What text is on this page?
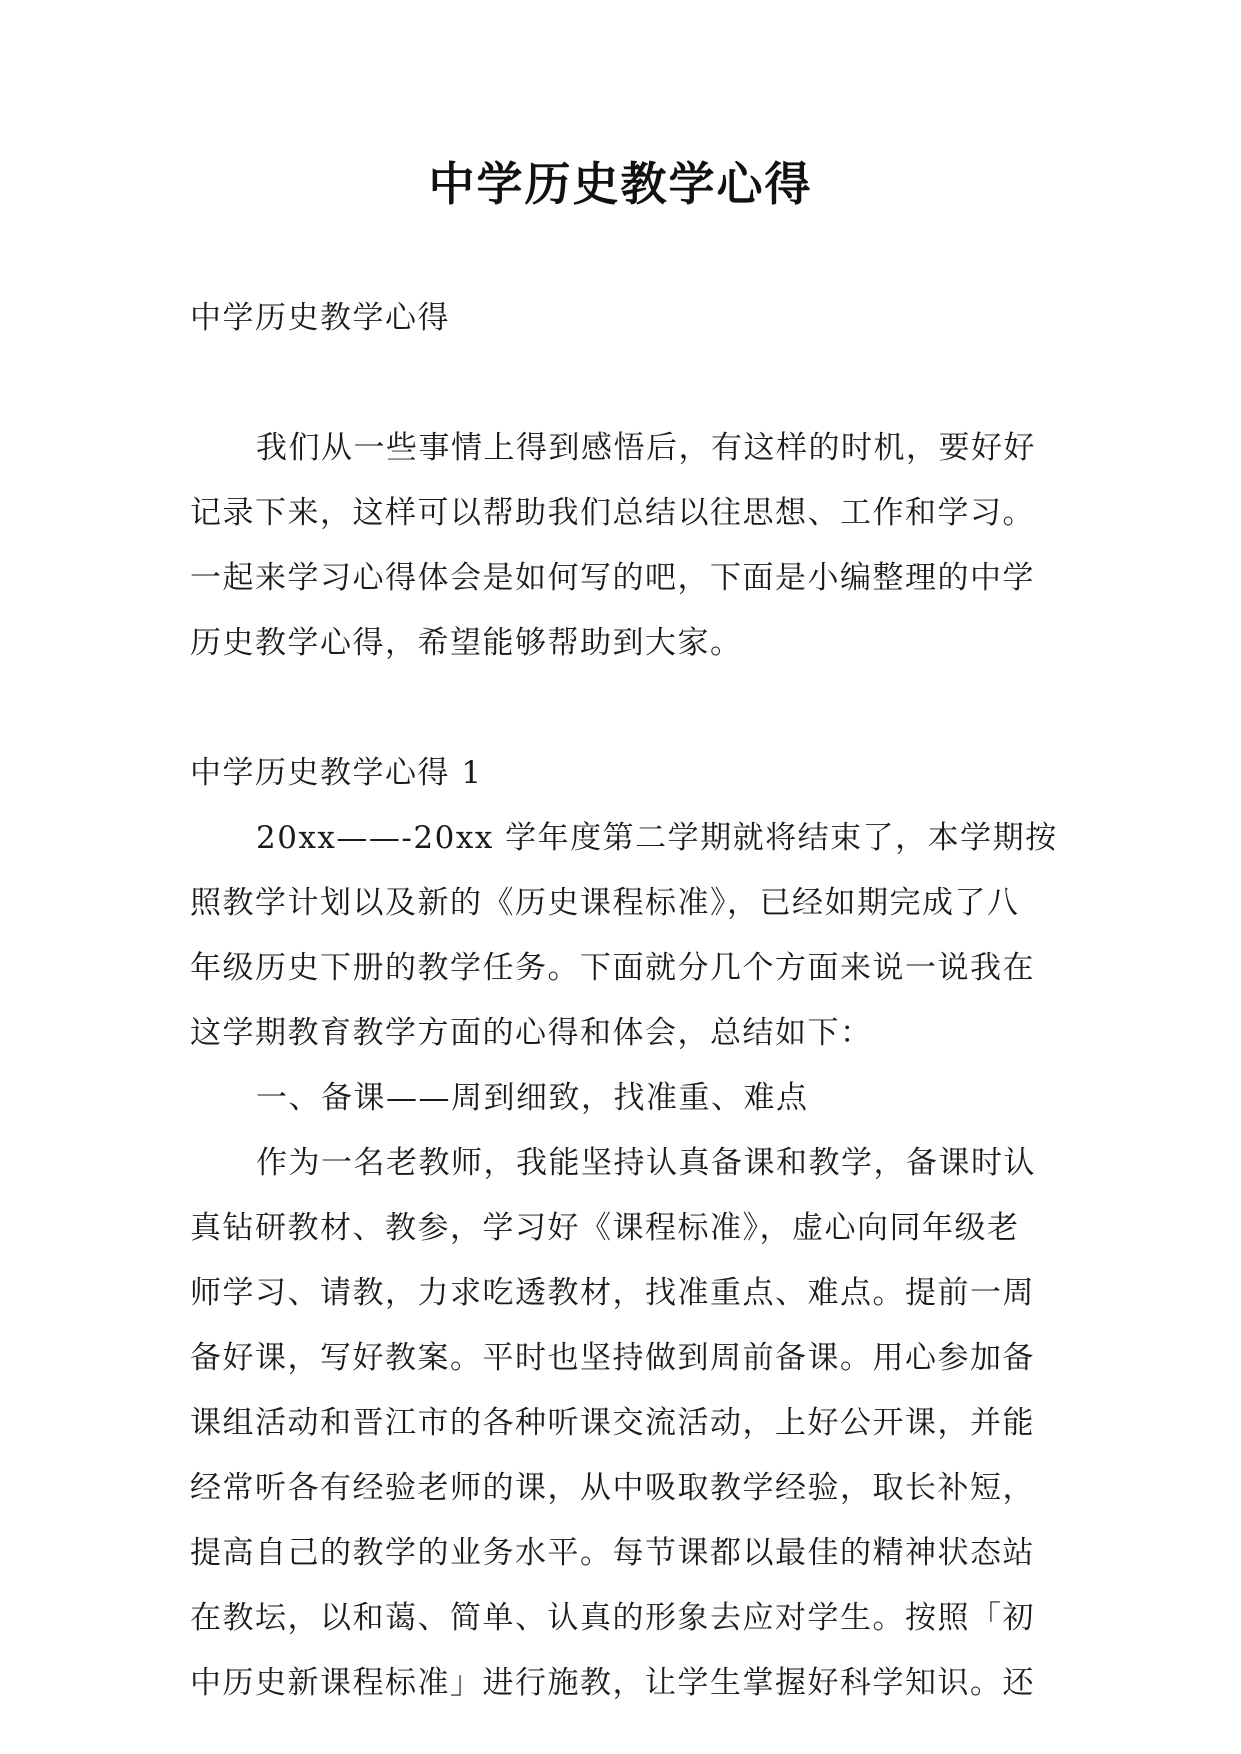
中学历史教学心得
中学历史教学心得
我们从一些事情上得到感悟后，有这样的时机，要好好
记录下来，这样可以帮助我们总结以往思想、工作和学习。
一起来学习心得体会是如何写的吧，下面是小编整理的中学
历史教学心得，希望能够帮助到大家。
中学历史教学心得 1
20xx——-20xx 学年度第二学期就将结束了，本学期按
照教学计划以及新的《历史课程标准》，已经如期完成了八
年级历史下册的教学任务。下面就分几个方面来说一说我在
这学期教育教学方面的心得和体会，总结如下：
一、备课——周到细致，找准重、难点
作为一名老教师，我能坚持认真备课和教学，备课时认
真钻研教材、教参，学习好《课程标准》，虚心向同年级老
师学习、请教，力求吃透教材，找准重点、难点。提前一周
备好课，写好教案。平时也坚持做到周前备课。用心参加备
课组活动和晋江市的各种听课交流活动，上好公开课，并能
经常听各有经验老师的课，从中吸取教学经验，取长补短，
提高自己的教学的业务水平。每节课都以最佳的精神状态站
在教坛，以和蔼、简单、认真的形象去应对学生。按照「初
中历史新课程标准」进行施教，让学生掌握好科学知识。还
